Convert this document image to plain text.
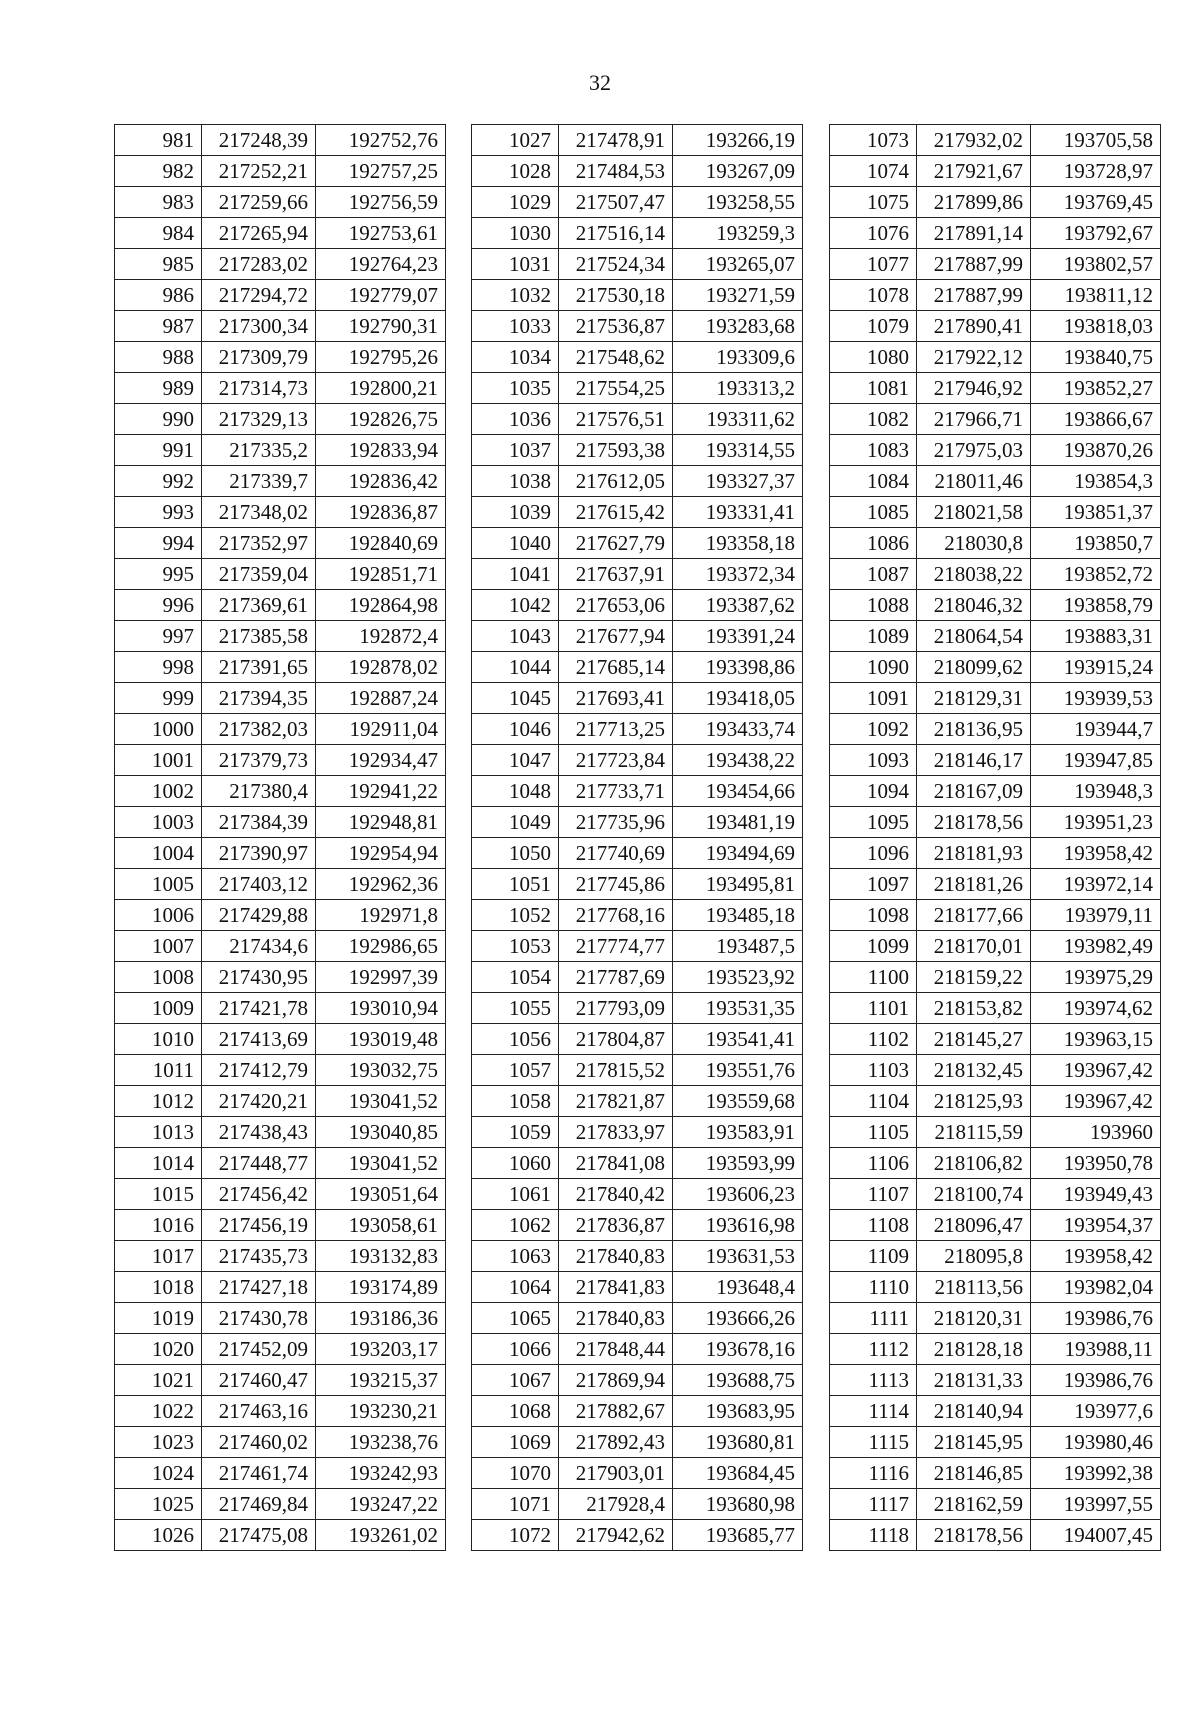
32
981	217248,39	192752,76
982	217252,21	192757,25
983	217259,66	192756,59
984	217265,94	192753,61
985	217283,02	192764,23
986	217294,72	192779,07
987	217300,34	192790,31
988	217309,79	192795,26
989	217314,73	192800,21
990	217329,13	192826,75
991	217335,2	192833,94
992	217339,7	192836,42
993	217348,02	192836,87
994	217352,97	192840,69
995	217359,04	192851,71
996	217369,61	192864,98
997	217385,58	192872,4
998	217391,65	192878,02
999	217394,35	192887,24
1000	217382,03	192911,04
1001	217379,73	192934,47
1002	217380,4	192941,22
1003	217384,39	192948,81
1004	217390,97	192954,94
1005	217403,12	192962,36
1006	217429,88	192971,8
1007	217434,6	192986,65
1008	217430,95	192997,39
1009	217421,78	193010,94
1010	217413,69	193019,48
1011	217412,79	193032,75
1012	217420,21	193041,52
1013	217438,43	193040,85
1014	217448,77	193041,52
1015	217456,42	193051,64
1016	217456,19	193058,61
1017	217435,73	193132,83
1018	217427,18	193174,89
1019	217430,78	193186,36
1020	217452,09	193203,17
1021	217460,47	193215,37
1022	217463,16	193230,21
1023	217460,02	193238,76
1024	217461,74	193242,93
1025	217469,84	193247,22
1026	217475,08	193261,02
1027	217478,91	193266,19
1028	217484,53	193267,09
1029	217507,47	193258,55
1030	217516,14	193259,3
1031	217524,34	193265,07
1032	217530,18	193271,59
1033	217536,87	193283,68
1034	217548,62	193309,6
1035	217554,25	193313,2
1036	217576,51	193311,62
1037	217593,38	193314,55
1038	217612,05	193327,37
1039	217615,42	193331,41
1040	217627,79	193358,18
1041	217637,91	193372,34
1042	217653,06	193387,62
1043	217677,94	193391,24
1044	217685,14	193398,86
1045	217693,41	193418,05
1046	217713,25	193433,74
1047	217723,84	193438,22
1048	217733,71	193454,66
1049	217735,96	193481,19
1050	217740,69	193494,69
1051	217745,86	193495,81
1052	217768,16	193485,18
1053	217774,77	193487,5
1054	217787,69	193523,92
1055	217793,09	193531,35
1056	217804,87	193541,41
1057	217815,52	193551,76
1058	217821,87	193559,68
1059	217833,97	193583,91
1060	217841,08	193593,99
1061	217840,42	193606,23
1062	217836,87	193616,98
1063	217840,83	193631,53
1064	217841,83	193648,4
1065	217840,83	193666,26
1066	217848,44	193678,16
1067	217869,94	193688,75
1068	217882,67	193683,95
1069	217892,43	193680,81
1070	217903,01	193684,45
1071	217928,4	193680,98
1072	217942,62	193685,77
1073	217932,02	193705,58
1074	217921,67	193728,97
1075	217899,86	193769,45
1076	217891,14	193792,67
1077	217887,99	193802,57
1078	217887,99	193811,12
1079	217890,41	193818,03
1080	217922,12	193840,75
1081	217946,92	193852,27
1082	217966,71	193866,67
1083	217975,03	193870,26
1084	218011,46	193854,3
1085	218021,58	193851,37
1086	218030,8	193850,7
1087	218038,22	193852,72
1088	218046,32	193858,79
1089	218064,54	193883,31
1090	218099,62	193915,24
1091	218129,31	193939,53
1092	218136,95	193944,7
1093	218146,17	193947,85
1094	218167,09	193948,3
1095	218178,56	193951,23
1096	218181,93	193958,42
1097	218181,26	193972,14
1098	218177,66	193979,11
1099	218170,01	193982,49
1100	218159,22	193975,29
1101	218153,82	193974,62
1102	218145,27	193963,15
1103	218132,45	193967,42
1104	218125,93	193967,42
1105	218115,59	193960
1106	218106,82	193950,78
1107	218100,74	193949,43
1108	218096,47	193954,37
1109	218095,8	193958,42
1110	218113,56	193982,04
1111	218120,31	193986,76
1112	218128,18	193988,11
1113	218131,33	193986,76
1114	218140,94	193977,6
1115	218145,95	193980,46
1116	218146,85	193992,38
1117	218162,59	193997,55
1118	218178,56	194007,45
